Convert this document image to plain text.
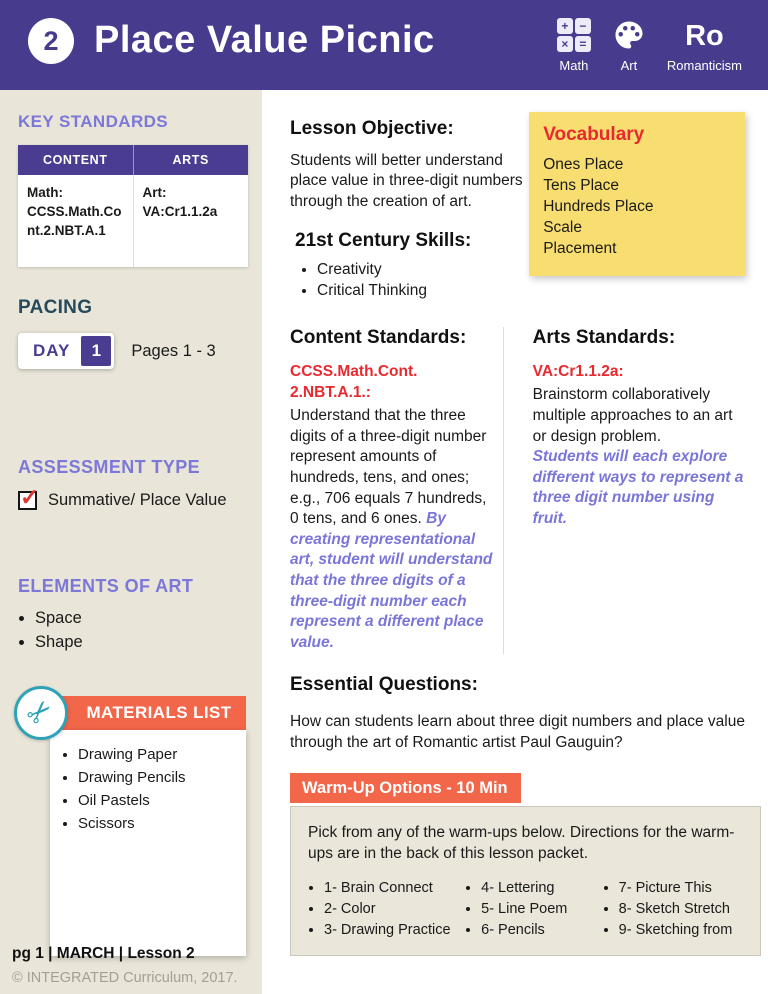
2 Place Value Picnic	+ −
× =
Math Art
Ro
Romanticism
KEY STANDARDS
CONTENT	ARTS

Math:
CCSS.Math.Cont.2.NBT.A.1

Art:
VA:Cr1.1.2a
PACING
DAY	1	Pages 1 - 3
ASSESSMENT TYPE
✓ Summative/ Place Value
ELEMENTS OF ART
• Space
• Shape
✂	MATERIALS LIST
• Drawing Paper
• Drawing Pencils
• Oil Pastels
• Scissors
pg 1 | MARCH | Lesson 2
© INTEGRATED Curriculum, 2017.
Lesson Objective:
Students will better understand place value in three-digit numbers through the creation of art.
21st Century Skills:
• Creativity
• Critical Thinking
Vocabulary
Ones Place
Tens Place
Hundreds Place
Scale
Placement
Content Standards:
CCSS.Math.Cont.
2.NBT.A.1.:
Understand that the three digits of a three-digit number represent amounts of hundreds, tens, and ones; e.g., 706 equals 7 hundreds, 0 tens, and 6 ones. By creating representational art, student will understand that the three digits of a three-digit number each represent a different place value.
Arts Standards:
VA:Cr1.1.2a:
Brainstorm collaboratively multiple approaches to an art or design problem.
Students will each explore different ways to represent a three digit number using fruit.
Essential Questions:
How can students learn about three digit numbers and place value through the art of Romantic artist Paul Gauguin?
Warm-Up Options - 10 Min
Pick from any of the warm-ups below. Directions for the warm-ups are in the back of this lesson packet.
• 1- Brain Connect
• 2- Color
• 3- Drawing Practice
• 4- Lettering
• 5- Line Poem
• 6- Pencils
• 7- Picture This
• 8- Sketch Stretch
• 9- Sketching from
